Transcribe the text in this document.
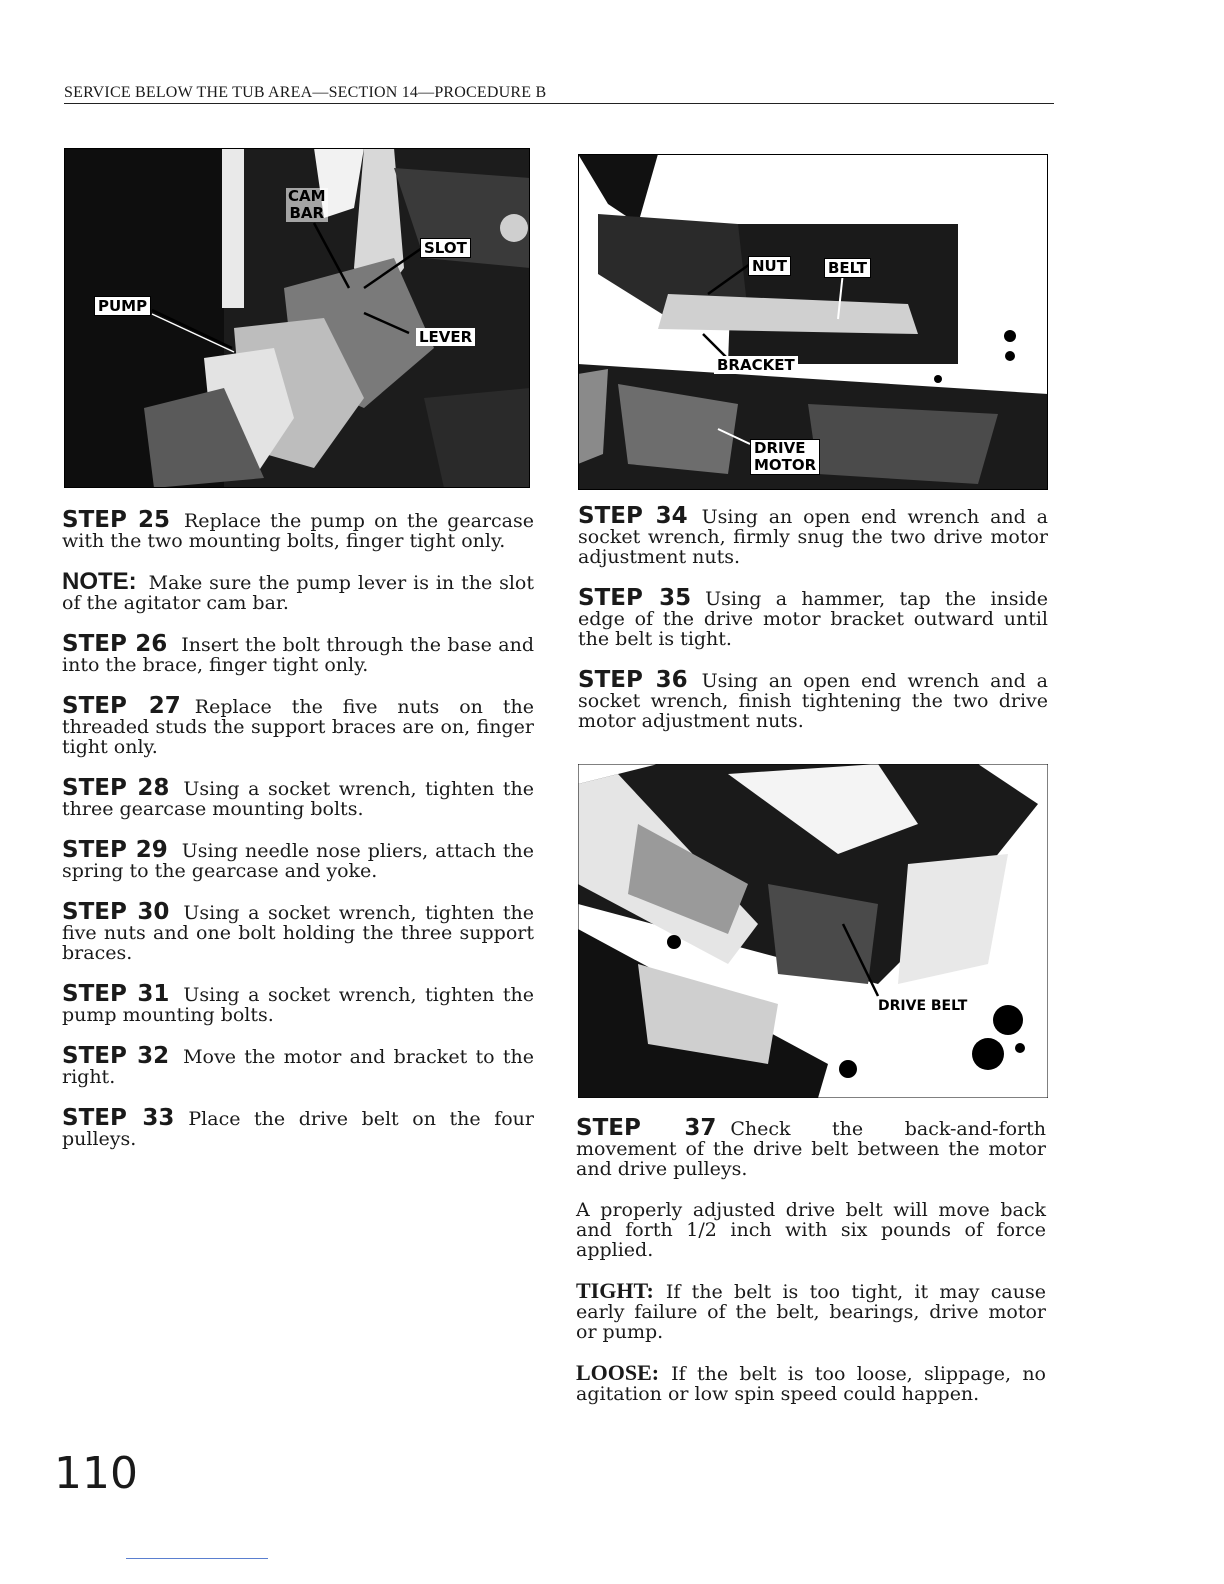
SERVICE BELOW THE TUB AREA—SECTION 14—PROCEDURE B
CAM
BAR
SLOT
PUMP
LEVER
NUT	BELT
BRACKET
DRIVE
MOTOR
DRIVE BELT

STEP 25 Replace the pump on the gearcase with the two mounting bolts, finger tight only.

NOTE: Make sure the pump lever is in the slot of the agitator cam bar.

STEP 26 Insert the bolt through the base and into the brace, finger tight only.

STEP 27 Replace the five nuts on the threaded studs the support braces are on, finger tight only.

STEP 28 Using a socket wrench, tighten the three gearcase mounting bolts.

STEP 29 Using needle nose pliers, attach the spring to the gearcase and yoke.

STEP 30 Using a socket wrench, tighten the five nuts and one bolt holding the three support braces.

STEP 31 Using a socket wrench, tighten the pump mounting bolts.

STEP 32 Move the motor and bracket to the right.

STEP 33 Place the drive belt on the four pulleys.

STEP 34 Using an open end wrench and a socket wrench, firmly snug the two drive motor adjustment nuts.

STEP 35 Using a hammer, tap the inside edge of the drive motor bracket outward until the belt is tight.

STEP 36 Using an open end wrench and a socket wrench, finish tightening the two drive motor adjustment nuts.

STEP 37 Check the back-and-forth movement of the drive belt between the motor and drive pulleys.

A properly adjusted drive belt will move back and forth 1/2 inch with six pounds of force applied.

TIGHT: If the belt is too tight, it may cause early failure of the belt, bearings, drive motor or pump.

LOOSE: If the belt is too loose, slippage, no agitation or low spin speed could happen.

110
